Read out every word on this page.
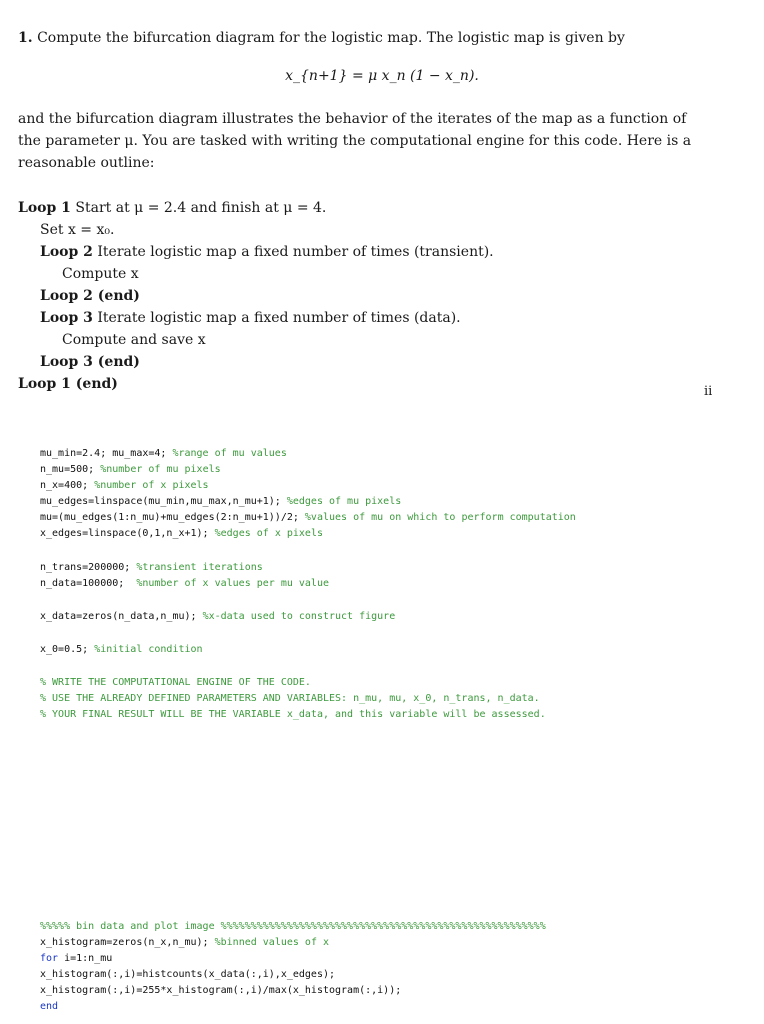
1. Compute the bifurcation diagram for the logistic map. The logistic map is given by
x_{n+1} = μ x_n (1 − x_n).
and the bifurcation diagram illustrates the behavior of the iterates of the map as a function of the parameter μ. You are tasked with writing the computational engine for this code. Here is a reasonable outline:
Loop 1 Start at μ = 2.4 and finish at μ = 4.
Set x = x₀.
Loop 2 Iterate logistic map a fixed number of times (transient).
Compute x
Loop 2 (end)
Loop 3 Iterate logistic map a fixed number of times (data).
Compute and save x
Loop 3 (end)
Loop 1 (end)	ii
mu_min=2.4; mu_max=4; %range of mu values
n_mu=500; %number of mu pixels
n_x=400; %number of x pixels
mu_edges=linspace(mu_min,mu_max,n_mu+1); %edges of mu pixels
mu=(mu_edges(1:n_mu)+mu_edges(2:n_mu+1))/2; %values of mu on which to perform computation
x_edges=linspace(0,1,n_x+1); %edges of x pixels
n_trans=200000; %transient iterations
n_data=100000;  %number of x values per mu value
x_data=zeros(n_data,n_mu); %x-data used to construct figure
x_0=0.5; %initial condition
% WRITE THE COMPUTATIONAL ENGINE OF THE CODE.
% USE THE ALREADY DEFINED PARAMETERS AND VARIABLES: n_mu, mu, x_0, n_trans, n_data.
% YOUR FINAL RESULT WILL BE THE VARIABLE x_data, and this variable will be assessed.
%%%%% bin data and plot image %%%%%%%%%%%%%%%%%%%%%%%%%%%%%%%%%%%%%%%%%%%%%%%%%%%%%%
x_histogram=zeros(n_x,n_mu); %binned values of x
for i=1:n_mu
x_histogram(:,i)=histcounts(x_data(:,i),x_edges);
x_histogram(:,i)=255*x_histogram(:,i)/max(x_histogram(:,i));
end
